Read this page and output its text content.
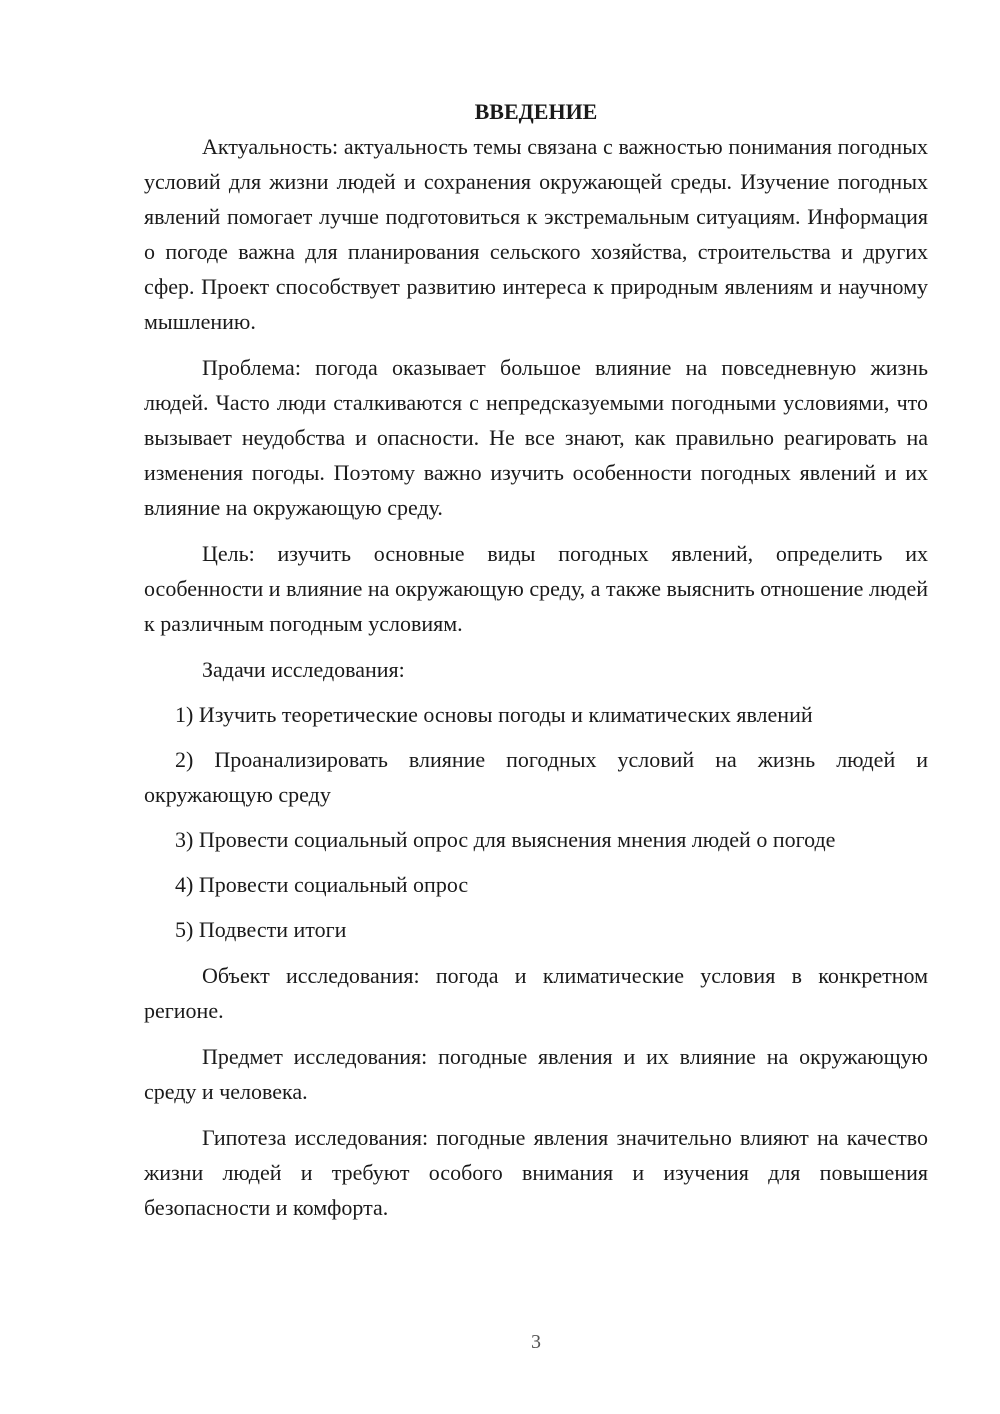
ВВЕДЕНИЕ

Актуальность: актуальность темы связана с важностью понимания погодных условий для жизни людей и сохранения окружающей среды. Изучение погодных явлений помогает лучше подготовиться к экстремальным ситуациям. Информация о погоде важна для планирования сельского хозяйства, строительства и других сфер. Проект способствует развитию интереса к природным явлениям и научному мышлению.

Проблема: погода оказывает большое влияние на повседневную жизнь людей. Часто люди сталкиваются с непредсказуемыми погодными условиями, что вызывает неудобства и опасности. Не все знают, как правильно реагировать на изменения погоды. Поэтому важно изучить особенности погодных явлений и их влияние на окружающую среду.

Цель: изучить основные виды погодных явлений, определить их особенности и влияние на окружающую среду, а также выяснить отношение людей к различным погодным условиям.

Задачи исследования:

1) Изучить теоретические основы погоды и климатических явлений

2) Проанализировать влияние погодных условий на жизнь людей и окружающую среду

3) Провести социальный опрос для выяснения мнения людей о погоде

4) Провести социальный опрос

5) Подвести итоги

Объект исследования: погода и климатические условия в конкретном регионе.

Предмет исследования: погодные явления и их влияние на окружающую среду и человека.

Гипотеза исследования: погодные явления значительно влияют на качество жизни людей и требуют особого внимания и изучения для повышения безопасности и комфорта.

3
